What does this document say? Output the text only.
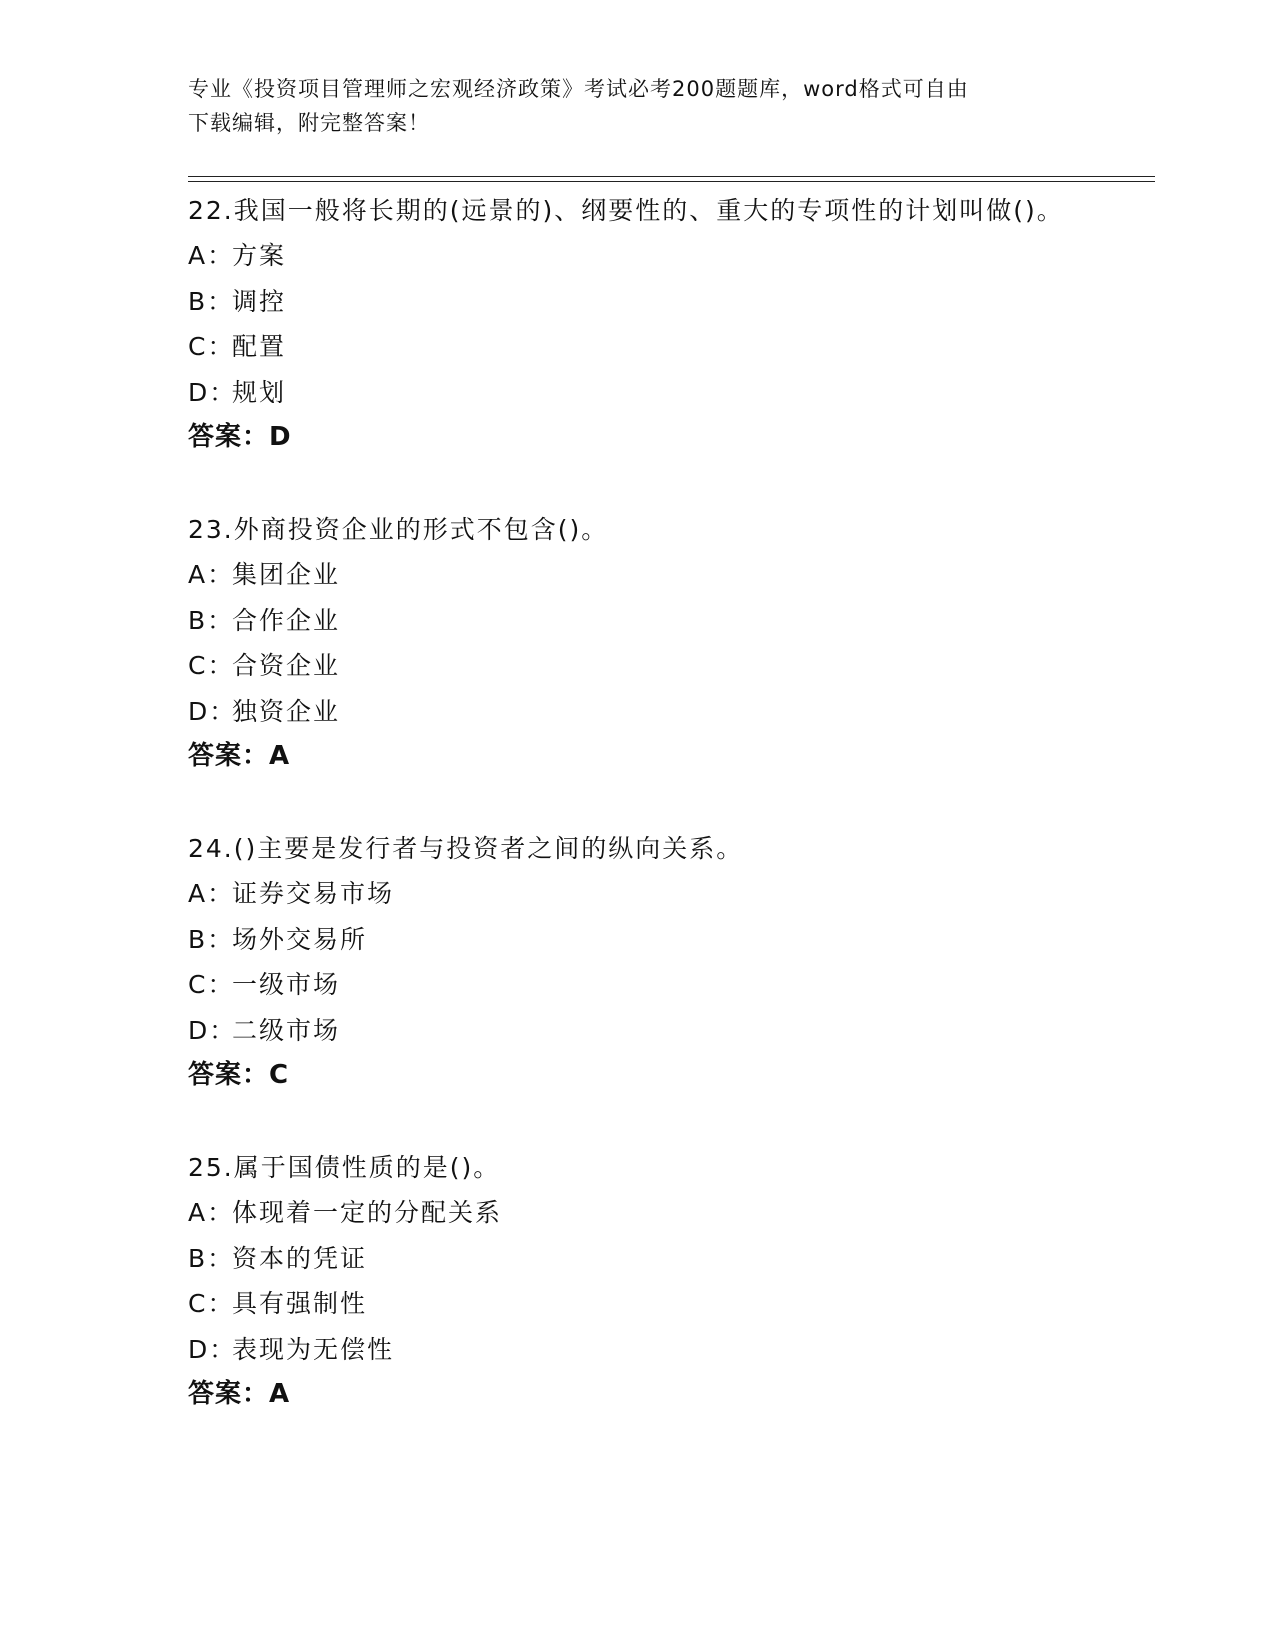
专业《投资项目管理师之宏观经济政策》考试必考200题题库，word格式可自由
下载编辑，附完整答案！

22.我国一般将长期的(远景的)、纲要性的、重大的专项性的计划叫做()。

A：方案

B：调控

C：配置

D：规划

答案：D

23.外商投资企业的形式不包含()。

A：集团企业

B：合作企业

C：合资企业

D：独资企业

答案：A

24.()主要是发行者与投资者之间的纵向关系。

A：证券交易市场

B：场外交易所

C：一级市场

D：二级市场

答案：C

25.属于国债性质的是()。

A：体现着一定的分配关系

B：资本的凭证

C：具有强制性

D：表现为无偿性

答案：A
